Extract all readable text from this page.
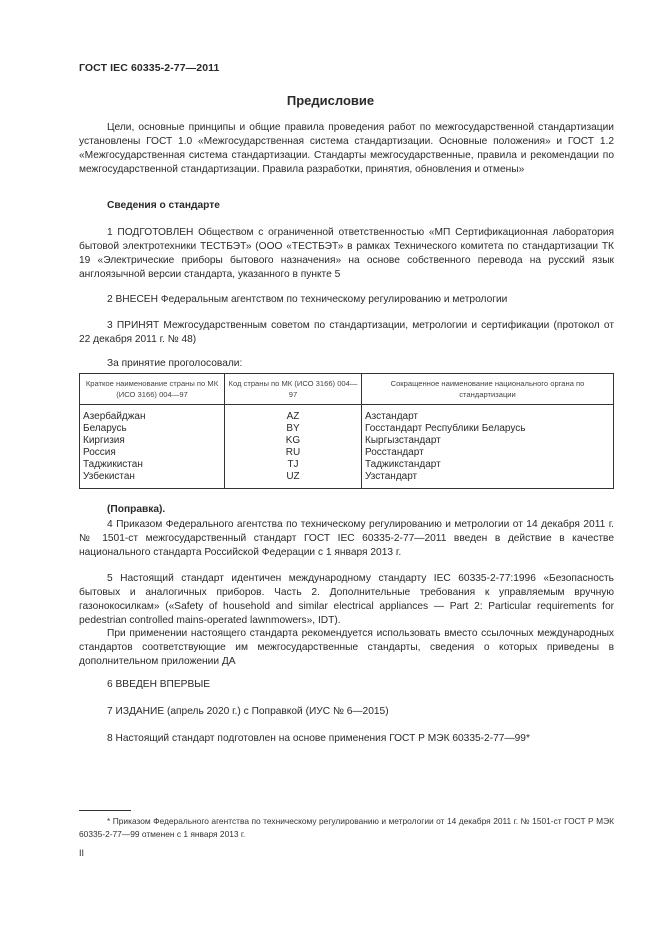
ГОСТ IEC 60335-2-77—2011
Предисловие
Цели, основные принципы и общие правила проведения работ по межгосударственной стандартизации установлены ГОСТ 1.0 «Межгосударственная система стандартизации. Основные положения» и ГОСТ 1.2 «Межгосударственная система стандартизации. Стандарты межгосударственные, правила и рекомендации по межгосударственной стандартизации. Правила разработки, принятия, обновления и отмены»
Сведения о стандарте
1 ПОДГОТОВЛЕН Обществом с ограниченной ответственностью «МП Сертификационная лаборатория бытовой электротехники ТЕСТБЭТ» (ООО «ТЕСТБЭТ» в рамках Технического комитета по стандартизации ТК 19 «Электрические приборы бытового назначения» на основе собственного перевода на русский язык англоязычной версии стандарта, указанного в пункте 5
2 ВНЕСЕН Федеральным агентством по техническому регулированию и метрологии
3 ПРИНЯТ Межгосударственным советом по стандартизации, метрологии и сертификации (протокол от 22 декабря 2011 г. № 48)
За принятие проголосовали:
Краткое наименование страны по МК (ИСО 3166) 004—97	Код страны по МК (ИСО 3166) 004—97	Сокращенное наименование национального органа по стандартизации
Азербайджан	AZ	Азстандарт
Беларусь	BY	Госстандарт Республики Беларусь
Киргизия	KG	Кыргызстандарт
Россия	RU	Росстандарт
Таджикистан	TJ	Таджикстандарт
Узбекистан	UZ	Узстандарт
(Поправка).
4 Приказом Федерального агентства по техническому регулированию и метрологии от 14 декабря 2011 г. № 1501-ст межгосударственный стандарт ГОСТ IEC 60335-2-77—2011 введен в действие в качестве национального стандарта Российской Федерации с 1 января 2013 г.
5 Настоящий стандарт идентичен международному стандарту IEC 60335-2-77:1996 «Безопасность бытовых и аналогичных приборов. Часть 2. Дополнительные требования к управляемым вручную газонокосилкам» («Safety of household and similar electrical appliances — Part 2: Particular requirements for pedestrian controlled mains-operated lawnmowers», IDT).
При применении настоящего стандарта рекомендуется использовать вместо ссылочных международных стандартов соответствующие им межгосударственные стандарты, сведения о которых приведены в дополнительном приложении ДА
6 ВВЕДЕН ВПЕРВЫЕ
7 ИЗДАНИЕ (апрель 2020 г.) с Поправкой (ИУС № 6—2015)
8 Настоящий стандарт подготовлен на основе применения ГОСТ Р МЭК 60335-2-77—99*
* Приказом Федерального агентства по техническому регулированию и метрологии от 14 декабря 2011 г. № 1501-ст ГОСТ Р МЭК 60335-2-77—99 отменен с 1 января 2013 г.
II
